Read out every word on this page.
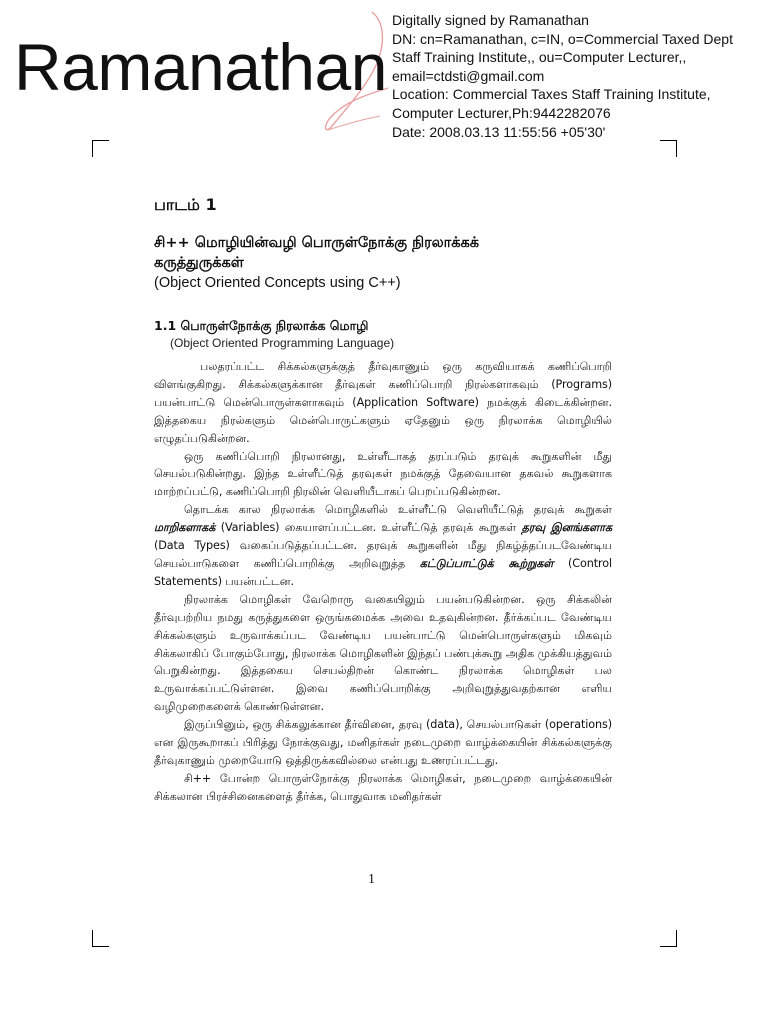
Ramanathan
Digitally signed by Ramanathan
DN: cn=Ramanathan, c=IN, o=Commercial Taxed Dept
Staff Training Institute,, ou=Computer Lecturer,,
email=ctdsti@gmail.com
Location: Commercial Taxes Staff Training Institute,
Computer Lecturer,Ph:9442282076
Date: 2008.03.13 11:55:56 +05'30'
பாடம் 1
சி++ மொழியின்வழி பொருள்நோக்கு நிரலாக்கக்
கருத்துருக்கள்
(Object Oriented Concepts using C++)
1.1 பொருள்நோக்கு நிரலாக்க மொழி
(Object Oriented Programming Language)

பலதரப்பட்ட சிக்கல்களுக்குத் தீர்வுகாணும் ஒரு கருவியாகக் கணிப்பொறி விளங்குகிறது. சிக்கல்களுக்கான தீர்வுகள் கணிப்பொறி நிரல்களாகவும் (Programs) பயன்பாட்டு மென்பொருள்களாகவும் (Application Software) நமக்குக் கிடைக்கின்றன. இத்தகைய நிரல்களும் மென்பொருட்களும் ஏதேனும் ஒரு நிரலாக்க மொழியில் எழுதப்படுகின்றன.

ஒரு கணிப்பொறி நிரலானது, உள்ளீடாகத் தரப்படும் தரவுக் கூறுகளின் மீது செயல்படுகின்றது. இந்த உள்ளீட்டுத் தரவுகள் நமக்குத் தேவையான தகவல் கூறுகளாக மாற்றப்பட்டு, கணிப்பொறி நிரலின் வெளியீடாகப் பெறப்படுகின்றன.

தொடக்க கால நிரலாக்க மொழிகளில் உள்ளீட்டு வெளியீட்டுத் தரவுக் கூறுகள் மாறிகளாகக் (Variables) கையாளப்பட்டன. உள்ளீட்டுத் தரவுக் கூறுகள் தரவு இனங்களாக (Data Types) வகைப்படுத்தப்பட்டன. தரவுக் கூறுகளின் மீது நிகழ்த்தப்படவேண்டிய செயல்பாடுகளை கணிப்பொறிக்கு அறிவுறுத்த கட்டுப்பாட்டுக் கூற்றுகள் (Control Statements) பயன்பட்டன.

நிரலாக்க மொழிகள் வேறொரு வகையிலும் பயன்படுகின்றன. ஒரு சிக்கலின் தீர்வுபற்றிய நமது கருத்துகளை ஒருங்கமைக்க அவை உதவுகின்றன. தீர்க்கப்பட வேண்டிய சிக்கல்களும் உருவாக்கப்பட வேண்டிய பயன்பாட்டு மென்பொருள்களும் மிகவும் சிக்கலாகிப் போகும்போது, நிரலாக்க மொழிகளின் இந்தப் பண்புக்கூறு அதிக முக்கியத்துவம் பெறுகின்றது. இத்தகைய செயல்திறன் கொண்ட நிரலாக்க மொழிகள் பல உருவாக்கப்பட்டுள்ளன. இவை கணிப்பொறிக்கு அறிவுறுத்துவதற்கான எளிய வழிமுறைகளைக் கொண்டுள்ளன.

இருப்பினும், ஒரு சிக்கலுக்கான தீர்வினை, தரவு (data), செயல்பாடுகள் (operations) என இருகூறாகப் பிரித்து நோக்குவது, மனிதர்கள் நடைமுறை வாழ்க்கையின் சிக்கல்களுக்கு தீர்வுகாணும் முறையோடு ஒத்திருக்கவில்லை என்பது உணரப்பட்டது.

சி++ போன்ற பொருள்நோக்கு நிரலாக்க மொழிகள், நடைமுறை வாழ்க்கையின் சிக்கலான பிரச்சினைகளைத் தீர்க்க, பொதுவாக மனிதர்கள்

1
